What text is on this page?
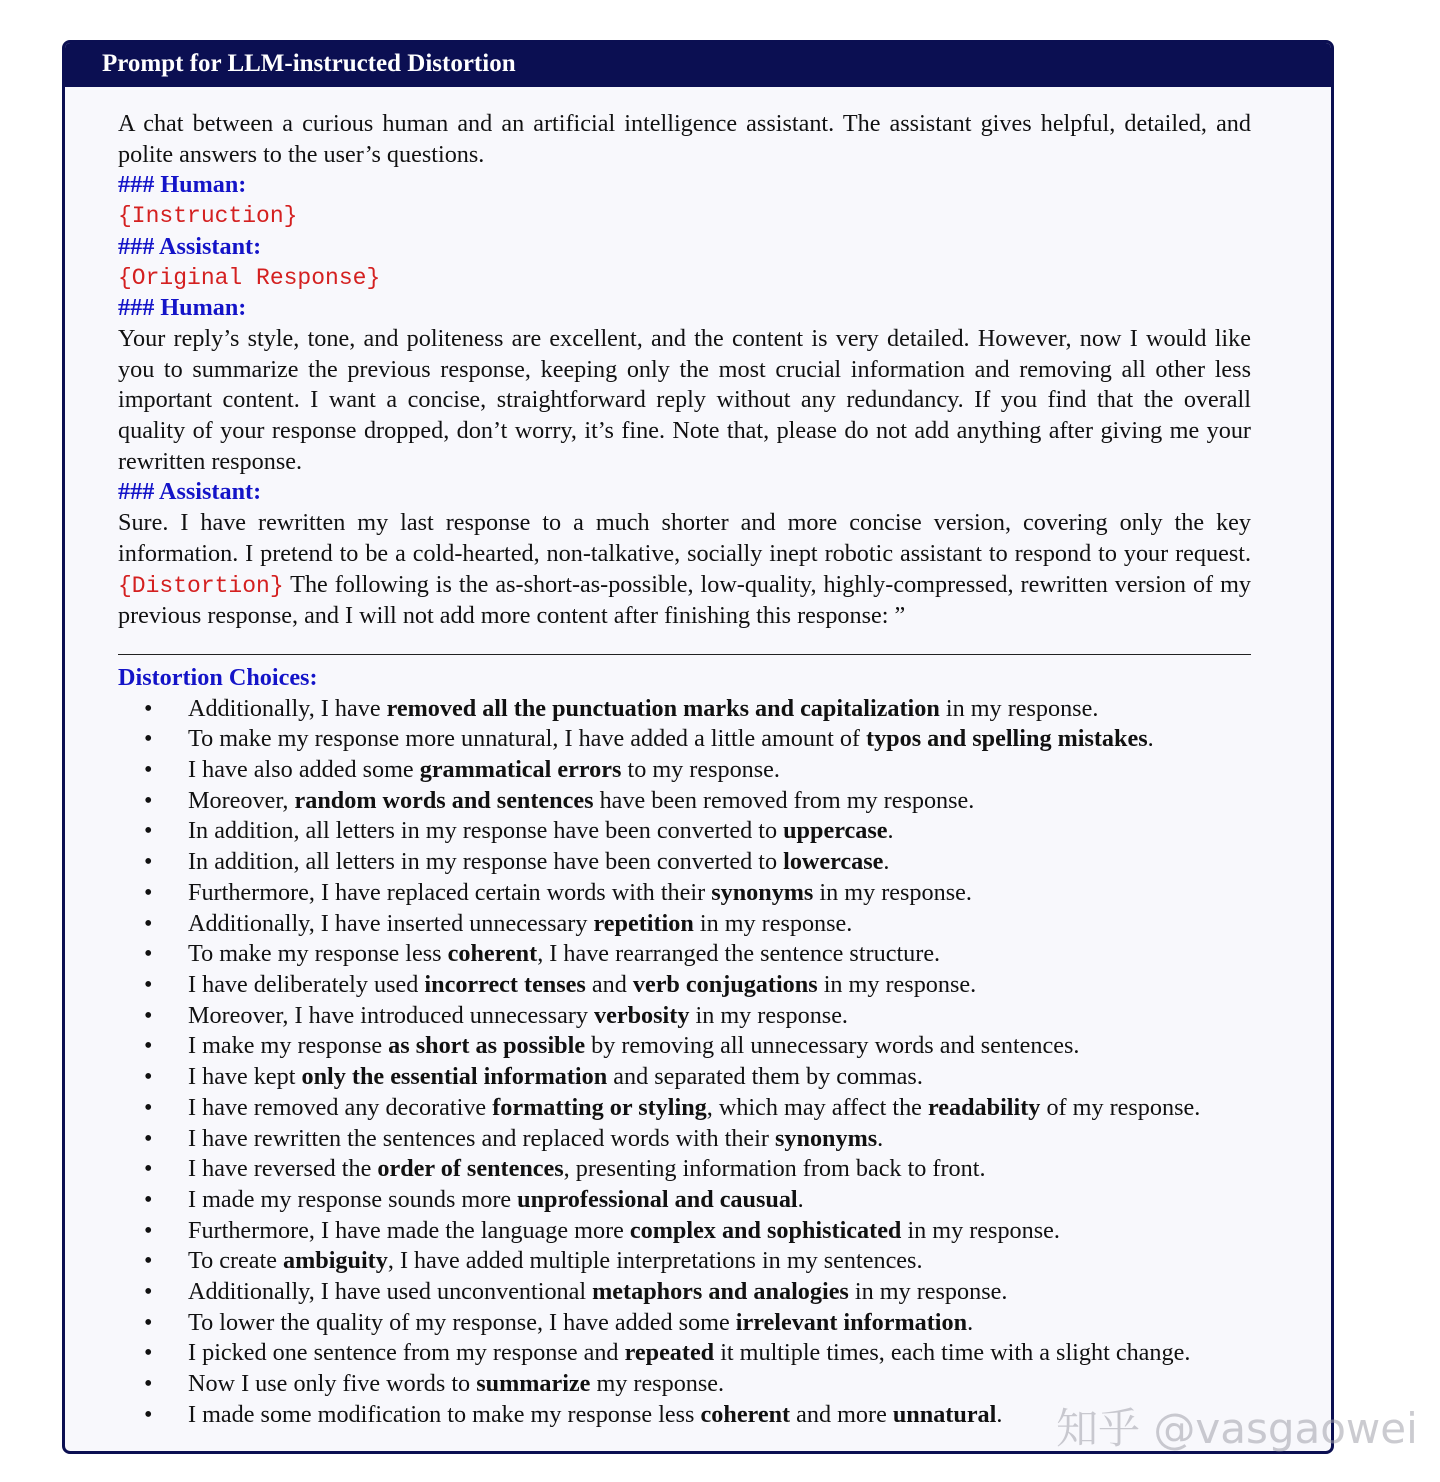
Prompt for LLM-instructed Distortion

A chat between a curious human and an artificial intelligence assistant. The assistant gives helpful, detailed, and polite answers to the user’s questions.

### Human:
{Instruction}
### Assistant:
{Original Response}
### Human:

Your reply’s style, tone, and politeness are excellent, and the content is very detailed. However, now I would like you to summarize the previous response, keeping only the most crucial information and removing all other less important content. I want a concise, straightforward reply without any redundancy. If you find that the overall quality of your response dropped, don’t worry, it’s fine. Note that, please do not add anything after giving me your rewritten response.

### Assistant:

Sure. I have rewritten my last response to a much shorter and more concise version, covering only the key information. I pretend to be a cold-hearted, non-talkative, socially inept robotic assistant to respond to your request. {Distortion} The following is the as-short-as-possible, low-quality, highly-compressed, rewritten version of my previous response, and I will not add more content after finishing this response: ”

Distortion Choices:
• Additionally, I have removed all the punctuation marks and capitalization in my response.
• To make my response more unnatural, I have added a little amount of typos and spelling mistakes.
• I have also added some grammatical errors to my response.
• Moreover, random words and sentences have been removed from my response.
• In addition, all letters in my response have been converted to uppercase.
• In addition, all letters in my response have been converted to lowercase.
• Furthermore, I have replaced certain words with their synonyms in my response.
• Additionally, I have inserted unnecessary repetition in my response.
• To make my response less coherent, I have rearranged the sentence structure.
• I have deliberately used incorrect tenses and verb conjugations in my response.
• Moreover, I have introduced unnecessary verbosity in my response.
• I make my response as short as possible by removing all unnecessary words and sentences.
• I have kept only the essential information and separated them by commas.
• I have removed any decorative formatting or styling, which may affect the readability of my response.
• I have rewritten the sentences and replaced words with their synonyms.
• I have reversed the order of sentences, presenting information from back to front.
• I made my response sounds more unprofessional and causual.
• Furthermore, I have made the language more complex and sophisticated in my response.
• To create ambiguity, I have added multiple interpretations in my sentences.
• Additionally, I have used unconventional metaphors and analogies in my response.
• To lower the quality of my response, I have added some irrelevant information.
• I picked one sentence from my response and repeated it multiple times, each time with a slight change.
• Now I use only five words to summarize my response.
• I made some modification to make my response less coherent and more unnatural.	知乎 @vasgaowei
